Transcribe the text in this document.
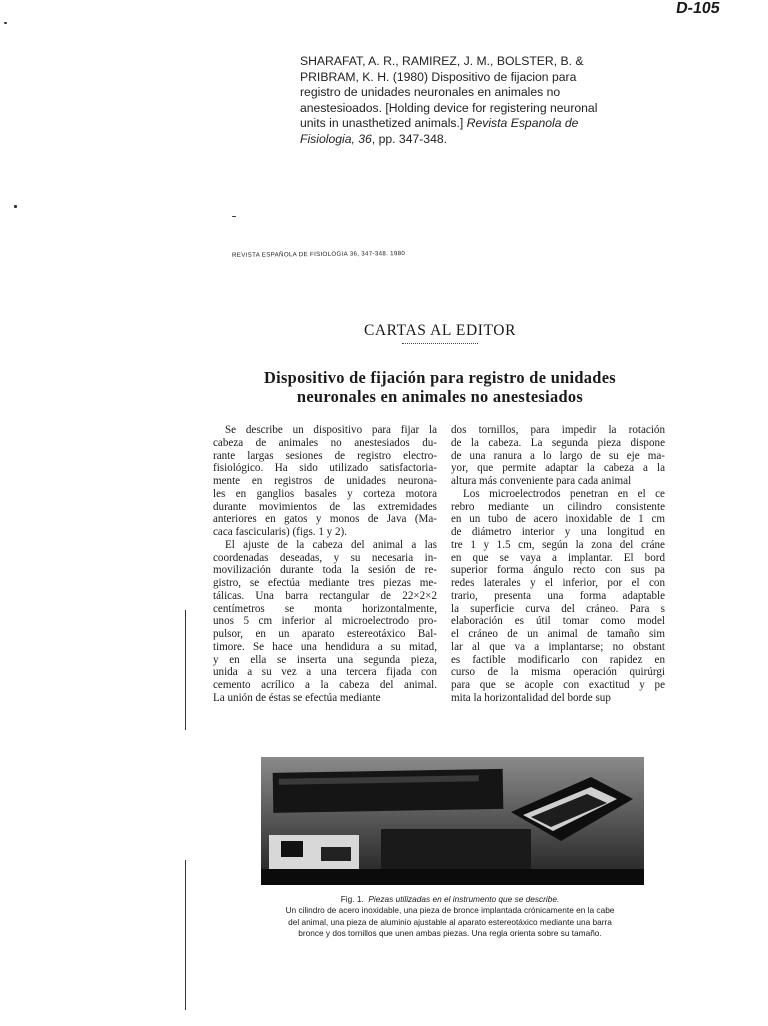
D-105
SHARAFAT, A. R., RAMIREZ, J. M., BOLSTER, B. &
PRIBRAM, K. H. (1980) Dispositivo de fijacion para
registro de unidades neuronales en animales no
anestesioados. [Holding device for registering neuronal
units in unasthetized animals.] Revista Espanola de
Fisiologia, 36, pp. 347-348.
REVISTA ESPAÑOLA DE FISIOLOGIA 36, 347-348. 1980
CARTAS AL EDITOR
Dispositivo de fijación para registro de unidades
neuronales en animales no anestesiados
Se describe un dispositivo para fijar la
cabeza de animales no anestesiados du-
rante largas sesiones de registro electro-
fisiológico. Ha sido utilizado satisfactoria-
mente en registros de unidades neurona-
les en ganglios basales y corteza motora
durante movimientos de las extremidades
anteriores en gatos y monos de Java (Ma-
caca fascicularis) (figs. 1 y 2).
El ajuste de la cabeza del animal a las
coordenadas deseadas, y su necesaria in-
movilización durante toda la sesión de re-
gistro, se efectúa mediante tres piezas me-
tálicas. Una barra rectangular de 22×2×2
centímetros se monta horizontalmente,
unos 5 cm inferior al microelectrodo pro-
pulsor, en un aparato estereotáxico Bal-
timore. Se hace una hendidura a su mitad,
y en ella se inserta una segunda pieza,
unida a su vez a una tercera fijada con
cemento acrílico a la cabeza del animal.
La unión de éstas se efectúa mediante
dos tornillos, para impedir la rotación
de la cabeza. La segunda pieza dispone
de una ranura a lo largo de su eje ma-
yor, que permite adaptar la cabeza a la
altura más conveniente para cada animal
Los microelectrodos penetran en el ce
rebro mediante un cilindro consistente
en un tubo de acero inoxidable de 1 cm
de diámetro interior y una longitud en
tre 1 y 1.5 cm, según la zona del cráne
en que se vaya a implantar. El bord
superior forma ángulo recto con sus pa
redes laterales y el inferior, por el con
trario, presenta una forma adaptable
la superficie curva del cráneo. Para s
elaboración es útil tomar como model
el cráneo de un animal de tamaño sim
lar al que va a implantarse; no obstant
es factible modificarlo con rapidez en
curso de la misma operación quirúrgi
para que se acople con exactitud y pe
mita la horizontalidad del borde sup
Fig. 1. Piezas utilizadas en el instrumento que se describe.
Un cilindro de acero inoxidable, una pieza de bronce implantada crónicamente en la cabe
del animal, una pieza de aluminio ajustable al aparato estereotáxico mediante una barra
bronce y dos tornillos que unen ambas piezas. Una regla orienta sobre su tamaño.
